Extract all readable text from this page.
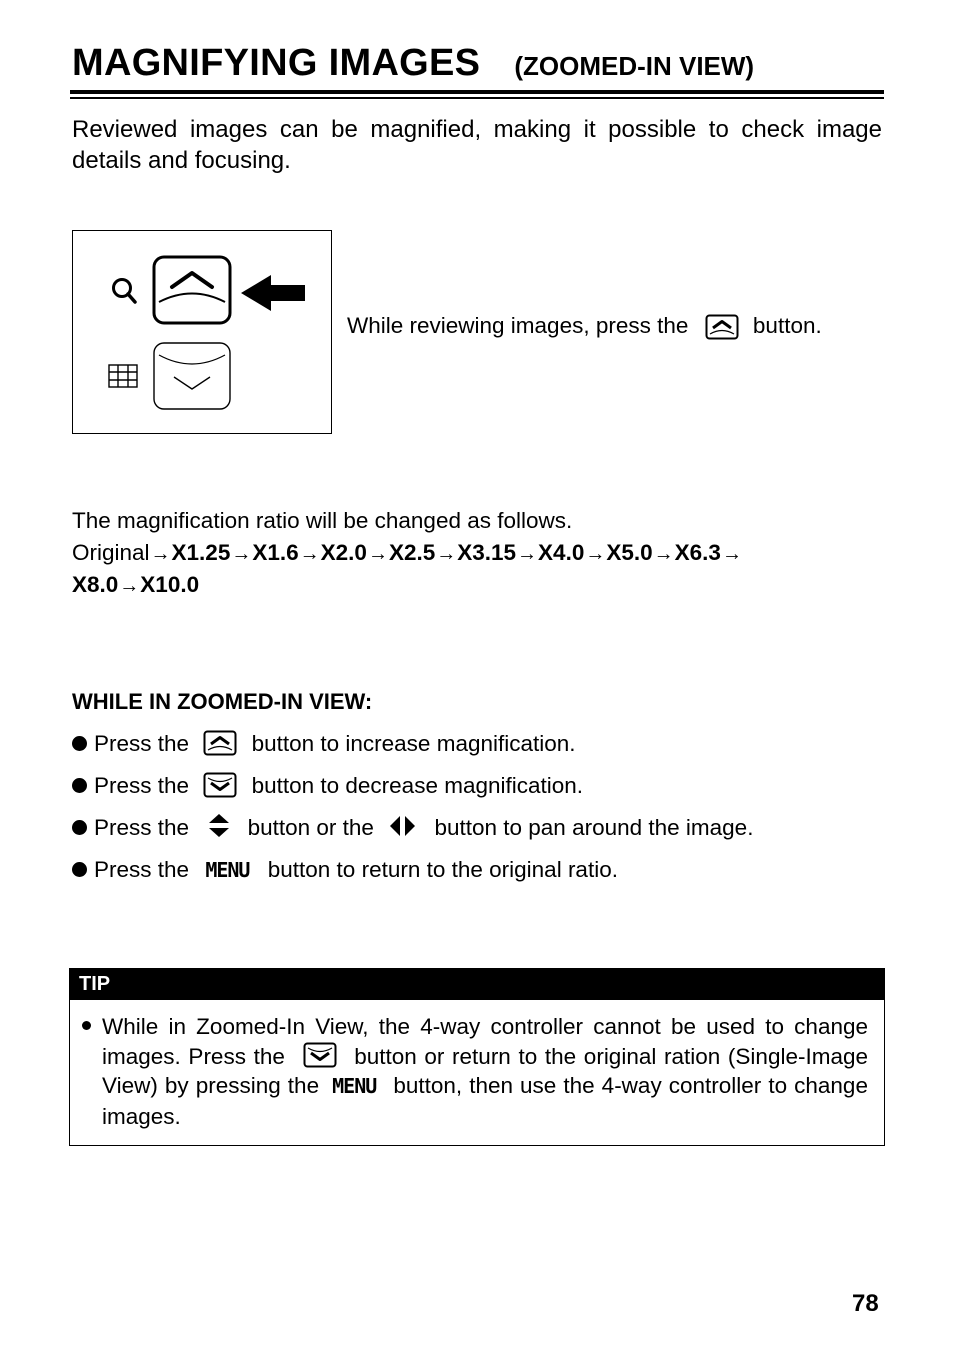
MAGNIFYING IMAGES (ZOOMED-IN VIEW)
Reviewed images can be magnified, making it possible to check image details and focusing.
While reviewing images, press the	button.
The magnification ratio will be changed as follows.
Original→X1.25→X1.6→X2.0→X2.5→X3.15→X4.0→X5.0→X6.3→
X8.0→X10.0
WHILE IN ZOOMED-IN VIEW:
Press the	button to increase magnification.
Press the	button to decrease magnification.
Press the	button or the	button to pan around the image.
Press the MENU button to return to the original ratio.
TIP
While in Zoomed-In View, the 4-way controller cannot be used to change images. Press the	button or return to the original ration (Single-Image View) by pressing the MENU button, then use the 4-way controller to change images.
78
